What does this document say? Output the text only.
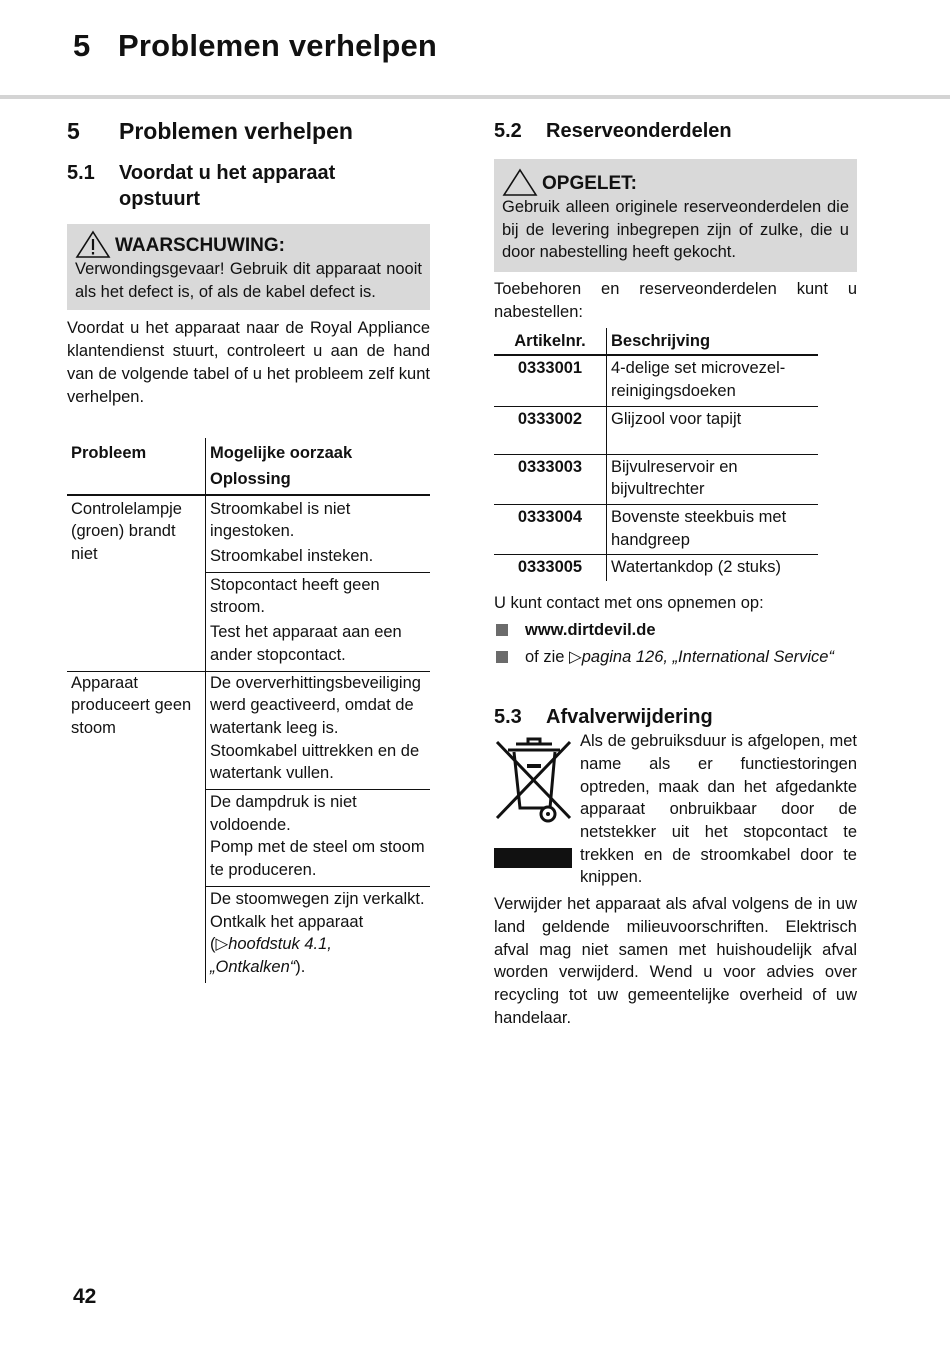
5 Problemen verhelpen
5	Problemen verhelpen
5.1	Voordat u het apparaat opstuurt
WAARSCHUWING:
Verwondingsgevaar! Gebruik dit apparaat nooit als het defect is, of als de kabel defect is.

Voordat u het apparaat naar de Royal Appliance klantendienst stuurt, controleert u aan de hand van de volgende tabel of u het probleem zelf kunt verhelpen.

Probleem	Mogelijke oorzaak
Oplossing

Controlelampje (groen) brandt niet	Stroomkabel is niet ingestoken.
Stroomkabel insteken.

	Stopcontact heeft geen stroom.
Test het apparaat aan een ander stopcontact.

Apparaat produceert geen stoom	De oververhittingsbeveiliging werd geactiveerd, omdat de watertank leeg is.
Stoomkabel uittrekken en de watertank vullen.

	De dampdruk is niet voldoende.
Pomp met de steel om stoom te produceren.

	De stoomwegen zijn verkalkt.
Ontkalk het apparaat
(▷hoofdstuk 4.1, „Ontkalken“).
5.2	Reserveonderdelen
OPGELET:
Gebruik alleen originele reserveonderdelen die bij de levering inbegrepen zijn of zulke, die u door nabestelling heeft gekocht.

Toebehoren en reserveonderdelen kunt u nabestellen:

Artikelnr.	Beschrijving
0333001	4-delige set microvezel-reinigingsdoeken
0333002	Glijzool voor tapijt
0333003	Bijvulreservoir en bijvultrechter
0333004	Bovenste steekbuis met handgreep
0333005	Watertankdop (2 stuks)

U kunt contact met ons opnemen op:

www.dirtdevil.de
of zie ▷pagina 126, „International Service“
5.3	Afvalverwijdering

Als de gebruiksduur is afgelopen, met name als er functiestoringen optreden, maak dan het afgedankte apparaat onbruikbaar door de netstekker uit het stopcontact te trekken en de stroomkabel door te knippen.

Verwijder het apparaat als afval volgens de in uw land geldende milieuvoorschriften. Elektrisch afval mag niet samen met huishoudelijk afval worden verwijderd. Wend u voor advies over recycling tot uw gemeentelijke overheid of uw handelaar.

42
